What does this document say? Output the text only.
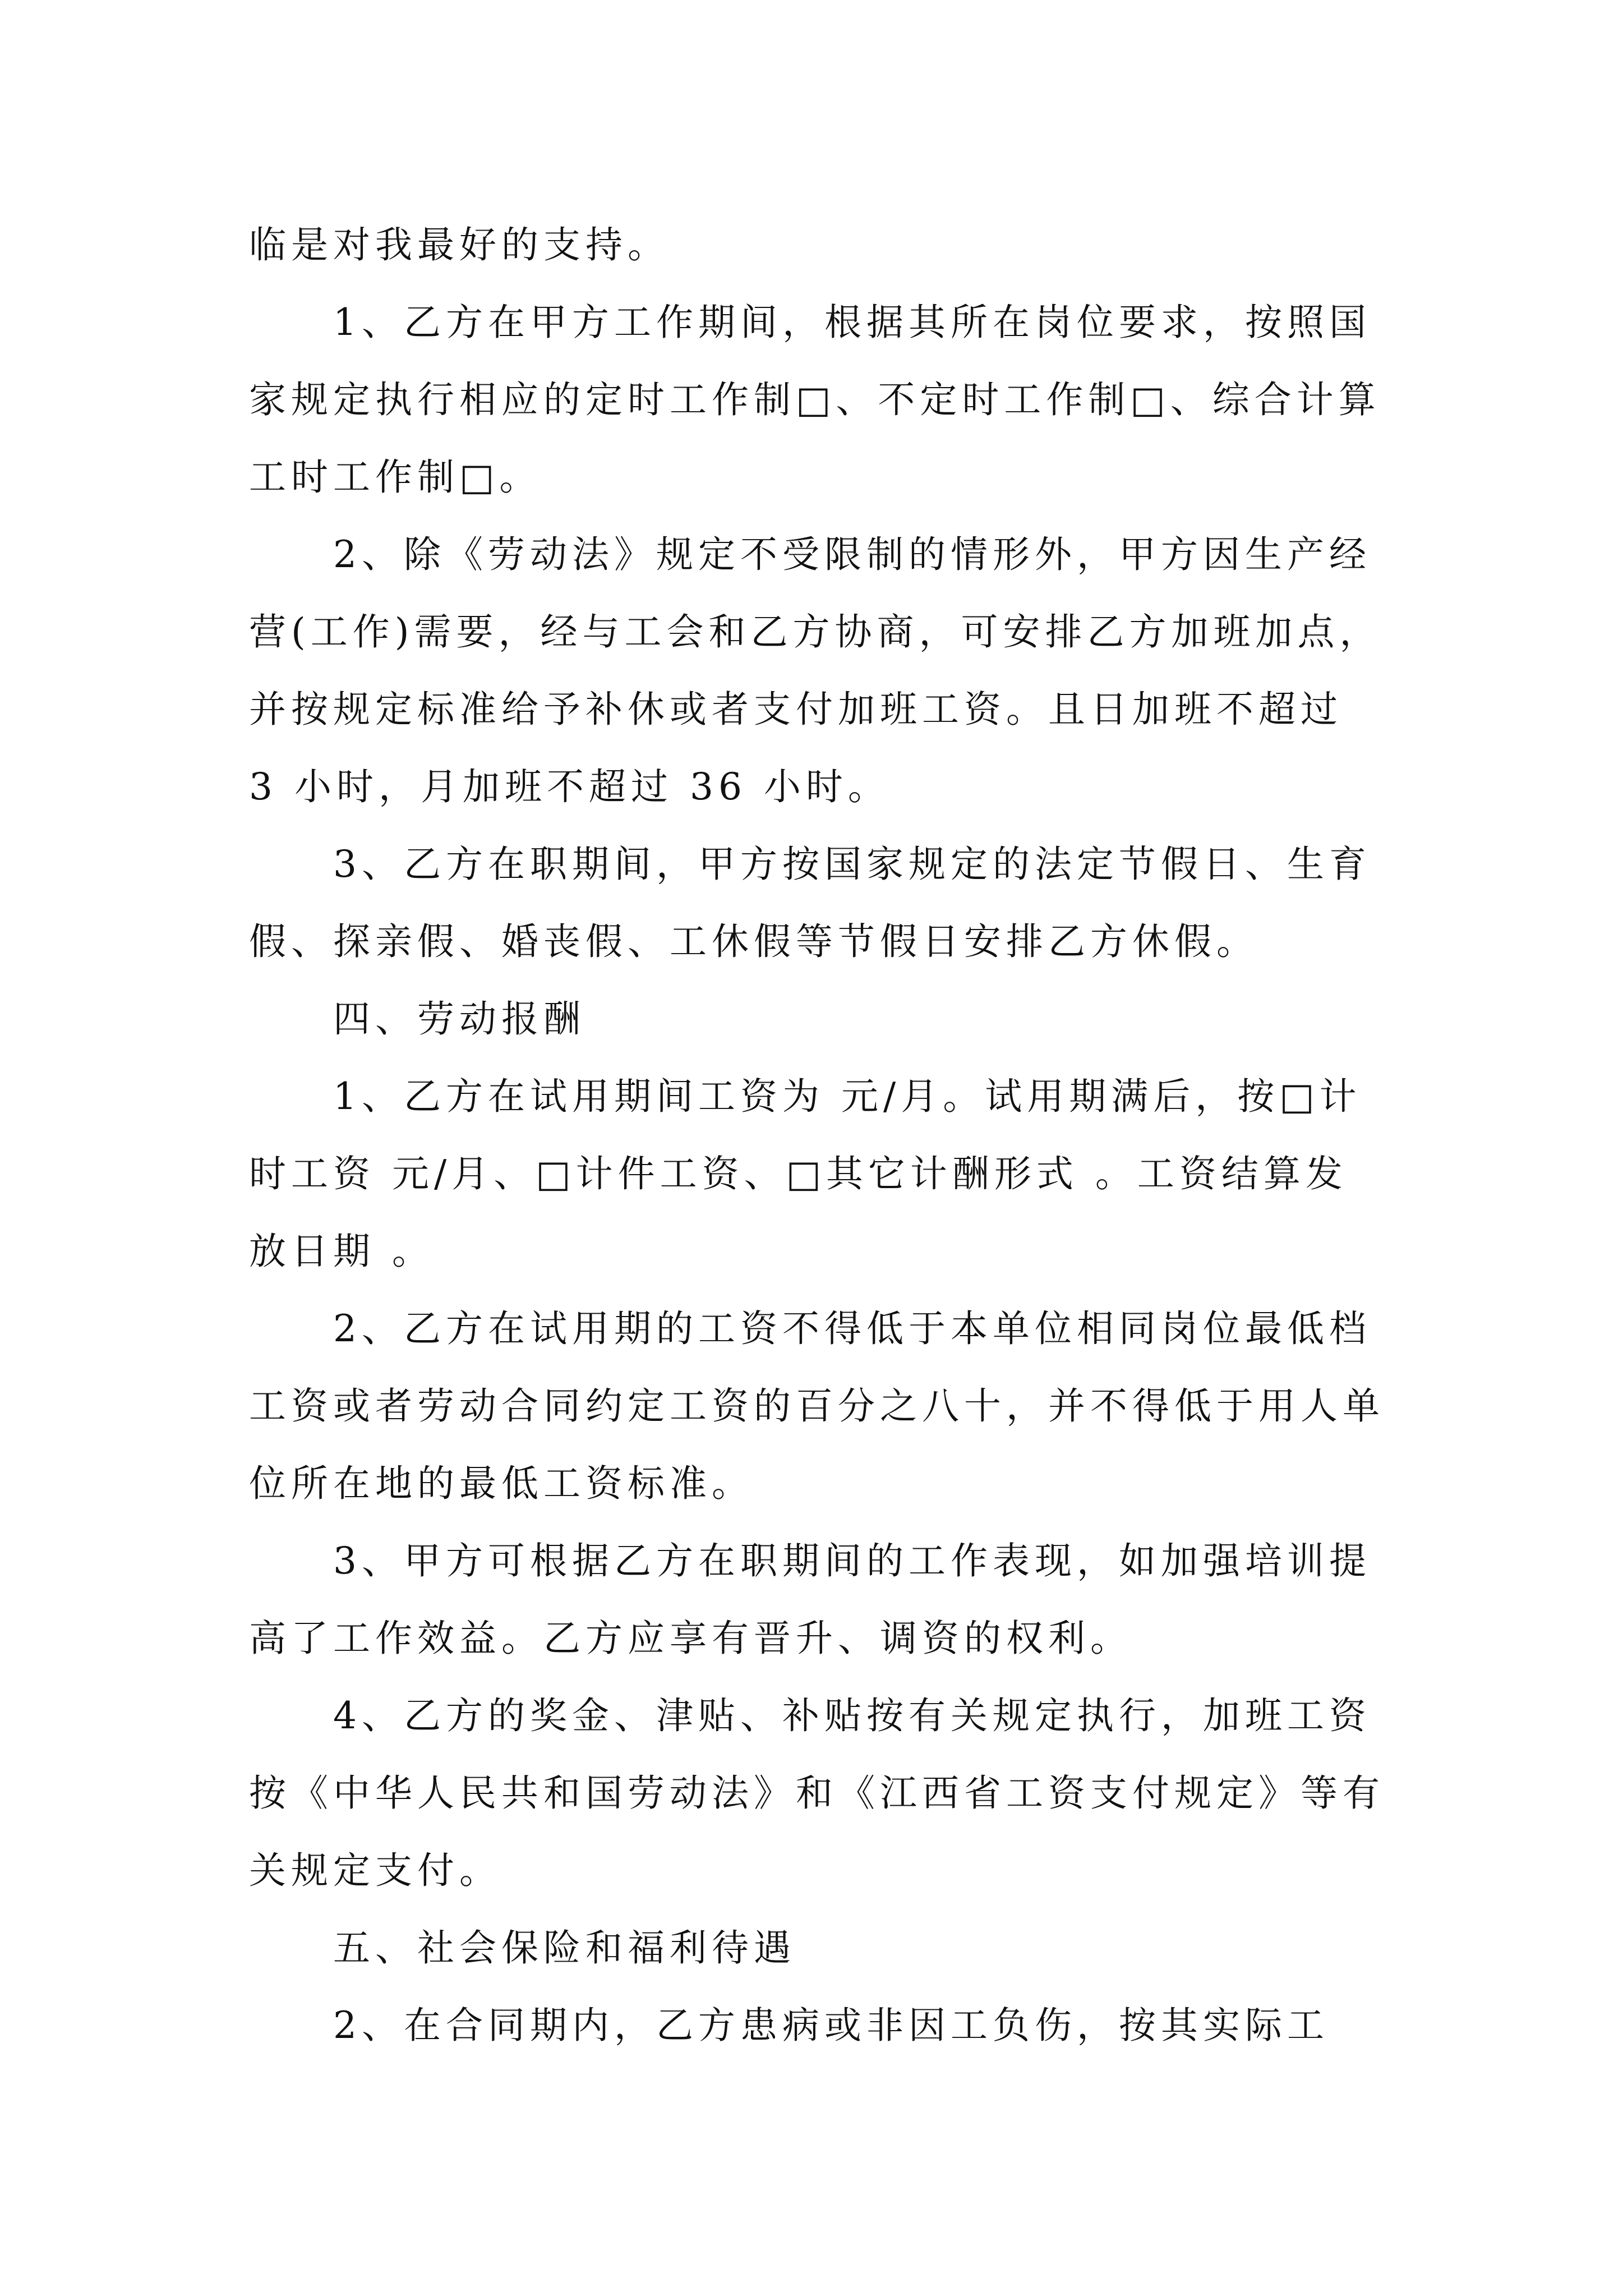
临是对我最好的支持。

1、乙方在甲方工作期间，根据其所在岗位要求，按照国家规定执行相应的定时工作制□、不定时工作制□、综合计算工时工作制□。

2、除《劳动法》规定不受限制的情形外，甲方因生产经营(工作)需要，经与工会和乙方协商，可安排乙方加班加点，并按规定标准给予补休或者支付加班工资。且日加班不超过 3 小时，月加班不超过 36 小时。

3、乙方在职期间，甲方按国家规定的法定节假日、生育假、探亲假、婚丧假、工休假等节假日安排乙方休假。

四、劳动报酬

1、乙方在试用期间工资为 元/月。试用期满后，按□计时工资 元/月、□计件工资、□其它计酬形式 。工资结算发放日期 。

2、乙方在试用期的工资不得低于本单位相同岗位最低档工资或者劳动合同约定工资的百分之八十，并不得低于用人单位所在地的最低工资标准。

3、甲方可根据乙方在职期间的工作表现，如加强培训提高了工作效益。乙方应享有晋升、调资的权利。

4、乙方的奖金、津贴、补贴按有关规定执行，加班工资按《中华人民共和国劳动法》和《江西省工资支付规定》等有关规定支付。

五、社会保险和福利待遇

2、在合同期内，乙方患病或非因工负伤，按其实际工
